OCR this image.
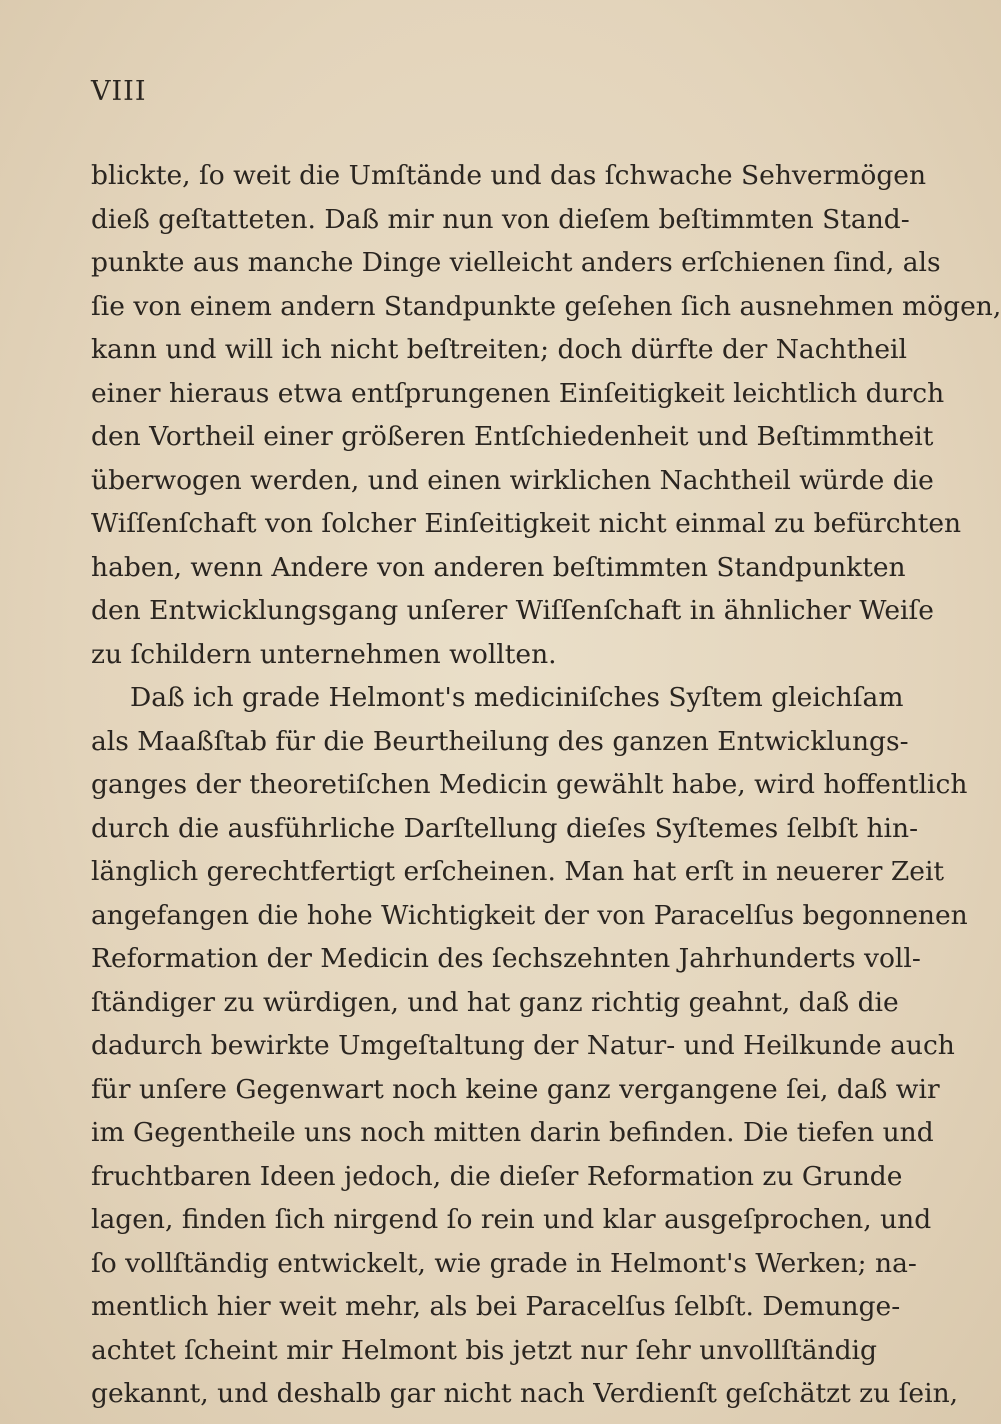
VIII
blickte, ſo weit die Umſtände und das ſchwache Sehvermögen
dieß geſtatteten. Daß mir nun von dieſem beſtimmten Stand-
punkte aus manche Dinge vielleicht anders erſchienen ſind, als
ſie von einem andern Standpunkte geſehen ſich ausnehmen mögen,
kann und will ich nicht beſtreiten; doch dürfte der Nachtheil
einer hieraus etwa entſprungenen Einſeitigkeit leichtlich durch
den Vortheil einer größeren Entſchiedenheit und Beſtimmtheit
überwogen werden, und einen wirklichen Nachtheil würde die
Wiſſenſchaft von ſolcher Einſeitigkeit nicht einmal zu befürchten
haben, wenn Andere von anderen beſtimmten Standpunkten
den Entwicklungsgang unſerer Wiſſenſchaft in ähnlicher Weiſe
zu ſchildern unternehmen wollten.
Daß ich grade Helmont's mediciniſches Syſtem gleichſam
als Maaßſtab für die Beurtheilung des ganzen Entwicklungs-
ganges der theoretiſchen Medicin gewählt habe, wird hoffentlich
durch die ausführliche Darſtellung dieſes Syſtemes ſelbſt hin-
länglich gerechtfertigt erſcheinen. Man hat erſt in neuerer Zeit
angefangen die hohe Wichtigkeit der von Paracelſus begonnenen
Reformation der Medicin des ſechszehnten Jahrhunderts voll-
ſtändiger zu würdigen, und hat ganz richtig geahnt, daß die
dadurch bewirkte Umgeſtaltung der Natur- und Heilkunde auch
für unſere Gegenwart noch keine ganz vergangene ſei, daß wir
im Gegentheile uns noch mitten darin befinden. Die tiefen und
fruchtbaren Ideen jedoch, die dieſer Reformation zu Grunde
lagen, finden ſich nirgend ſo rein und klar ausgeſprochen, und
ſo vollſtändig entwickelt, wie grade in Helmont's Werken; na-
mentlich hier weit mehr, als bei Paracelſus ſelbſt. Demunge-
achtet ſcheint mir Helmont bis jetzt nur ſehr unvollſtändig
gekannt, und deshalb gar nicht nach Verdienſt geſchätzt zu ſein,
